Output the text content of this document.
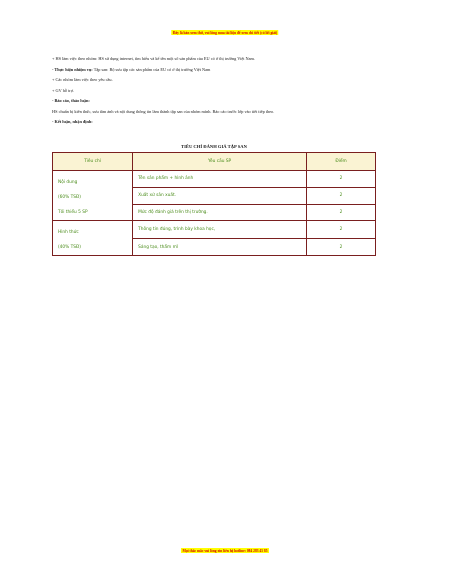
Đây là bản xem thử, vui lòng mua tài liệu để xem chi tiết (có lời giải)

+ HS làm việc theo nhóm: HS sử dụng internet, tìm hiểu và kể tên một số sản phẩm của EU có ở thị trường Việt Nam.

- Thực hiện nhiệm vụ: Tập san: Bộ sưu tập các sản phẩm của EU có ở thị trường Việt Nam

+ Các nhóm làm việc theo yêu cầu.

+ GV hỗ trợ.

- Báo cáo, thảo luận:

HS chuẩn bị kiến thức, sưu tầm ảnh và nội dung thông tin làm thành tập san của nhóm mình. Báo cáo trước lớp vào tiết tiếp theo.

- Kết luận, nhận định:

TIÊU CHÍ ĐÁNH GIÁ TẬP SAN
Tiêu chí	Yêu cầu SP	Điểm

Nội dung
(60% TSĐ)
Tối thiểu 5 SP	Tên sản phẩm + hình ảnh	2
	Xuất xứ sản xuất.	2
	Mức độ đánh giá trên thị trường.	2

Hình thức
(40% TSĐ)	Thông tin đúng, trình bày khoa học,	2
	Sáng tạo, thẩm mĩ	2
Mọi thắc mắc vui lòng xin liên hệ hotline: 084 283 45 85
